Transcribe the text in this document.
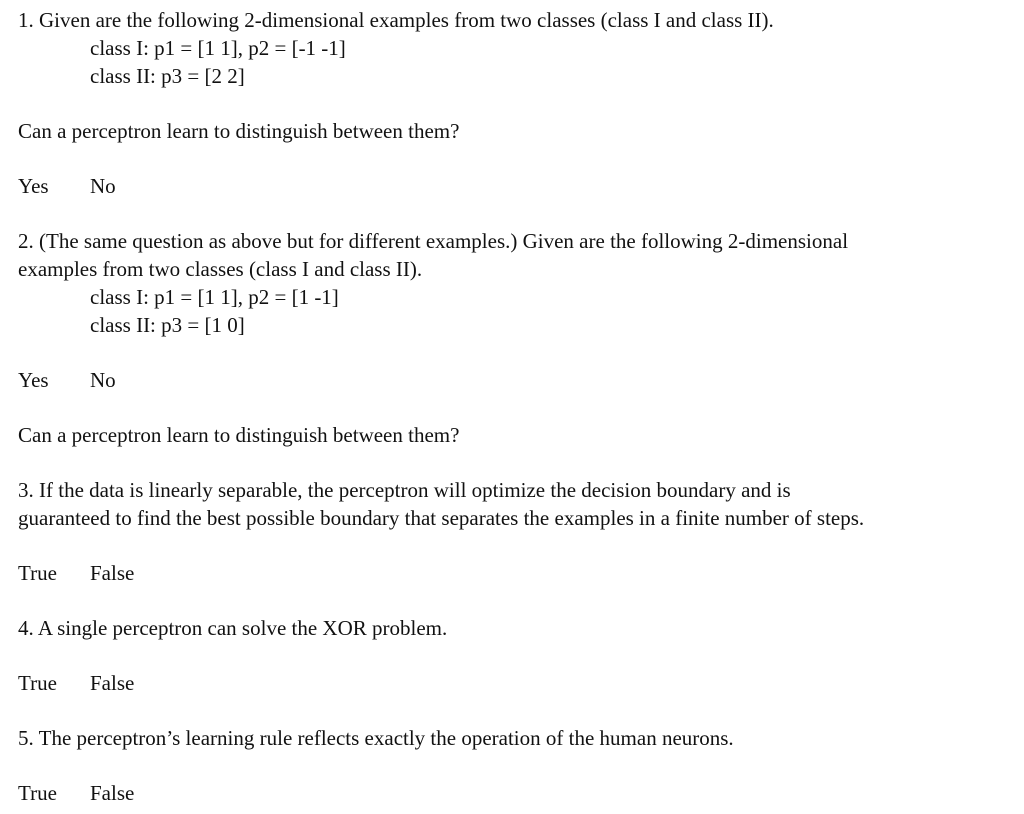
1. Given are the following 2-dimensional examples from two classes (class I and class II).
class I: p1 = [1 1], p2 = [-1 -1]
class II: p3 = [2 2]
Can a perceptron learn to distinguish between them?
Yes	No
2. (The same question as above but for different examples.) Given are the following 2-dimensional
examples from two classes (class I and class II).
class I: p1 = [1 1], p2 = [1 -1]
class II: p3 = [1 0]
Yes	No
Can a perceptron learn to distinguish between them?
3. If the data is linearly separable, the perceptron will optimize the decision boundary and is
guaranteed to find the best possible boundary that separates the examples in a finite number of steps.
True	False
4. A single perceptron can solve the XOR problem.
True	False
5. The perceptron’s learning rule reflects exactly the operation of the human neurons.
True	False
